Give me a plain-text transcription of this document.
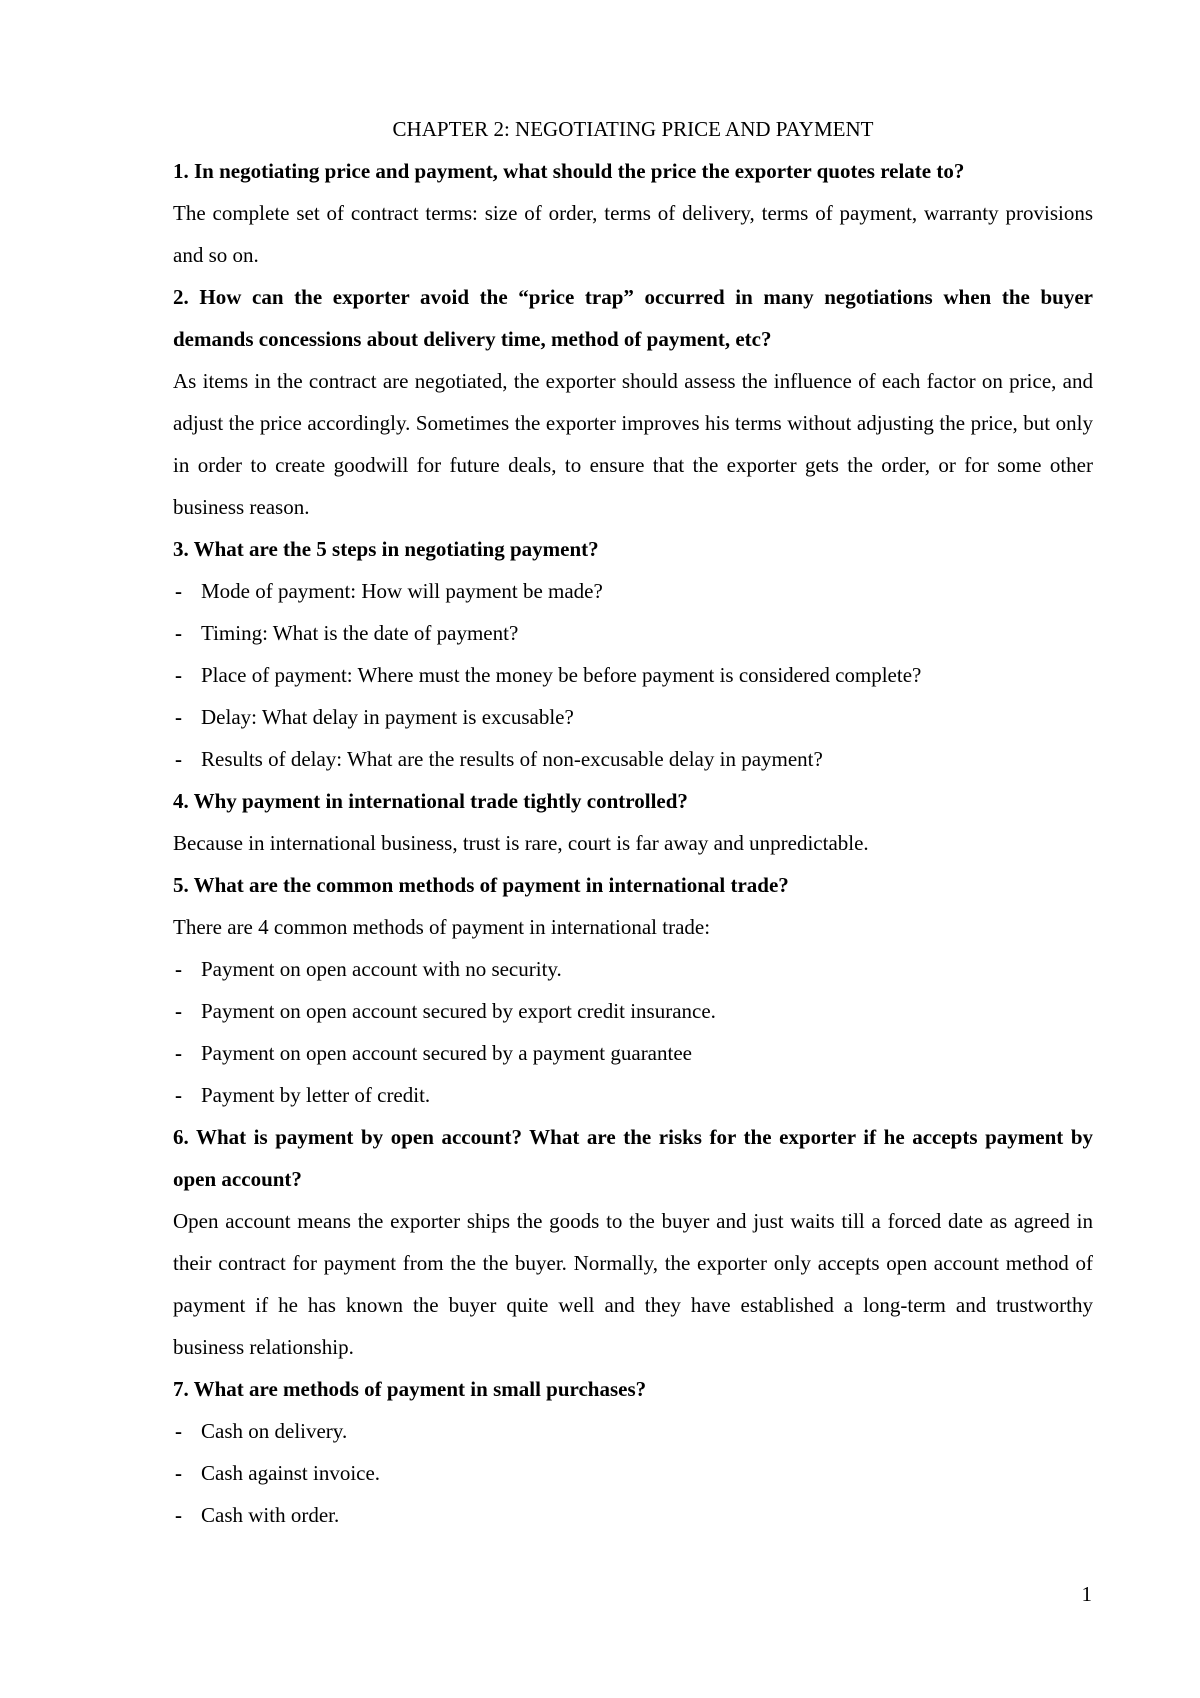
CHAPTER 2: NEGOTIATING PRICE AND PAYMENT

1. In negotiating price and payment, what should the price the exporter quotes relate to?

The complete set of contract terms: size of order, terms of delivery, terms of payment, warranty provisions and so on.

2. How can the exporter avoid the “price trap” occurred in many negotiations when the buyer demands concessions about delivery time, method of payment, etc?

As items in the contract are negotiated, the exporter should assess the influence of each factor on price, and adjust the price accordingly. Sometimes the exporter improves his terms without adjusting the price, but only in order to create goodwill for future deals, to ensure that the exporter gets the order, or for some other business reason.

3. What are the 5 steps in negotiating payment?

- Mode of payment: How will payment be made?
- Timing: What is the date of payment?
- Place of payment: Where must the money be before payment is considered complete?
- Delay: What delay in payment is excusable?
- Results of delay: What are the results of non-excusable delay in payment?

4. Why payment in international trade tightly controlled?

Because in international business, trust is rare, court is far away and unpredictable.

5. What are the common methods of payment in international trade?

There are 4 common methods of payment in international trade:

- Payment on open account with no security.
- Payment on open account secured by export credit insurance.
- Payment on open account secured by a payment guarantee
- Payment by letter of credit.

6. What is payment by open account? What are the risks for the exporter if he accepts payment by open account?

Open account means the exporter ships the goods to the buyer and just waits till a forced date as agreed in their contract for payment from the the buyer. Normally, the exporter only accepts open account method of payment if he has known the buyer quite well and they have established a long-term and trustworthy business relationship.

7. What are methods of payment in small purchases?

- Cash on delivery.
- Cash against invoice.
- Cash with order.
1
